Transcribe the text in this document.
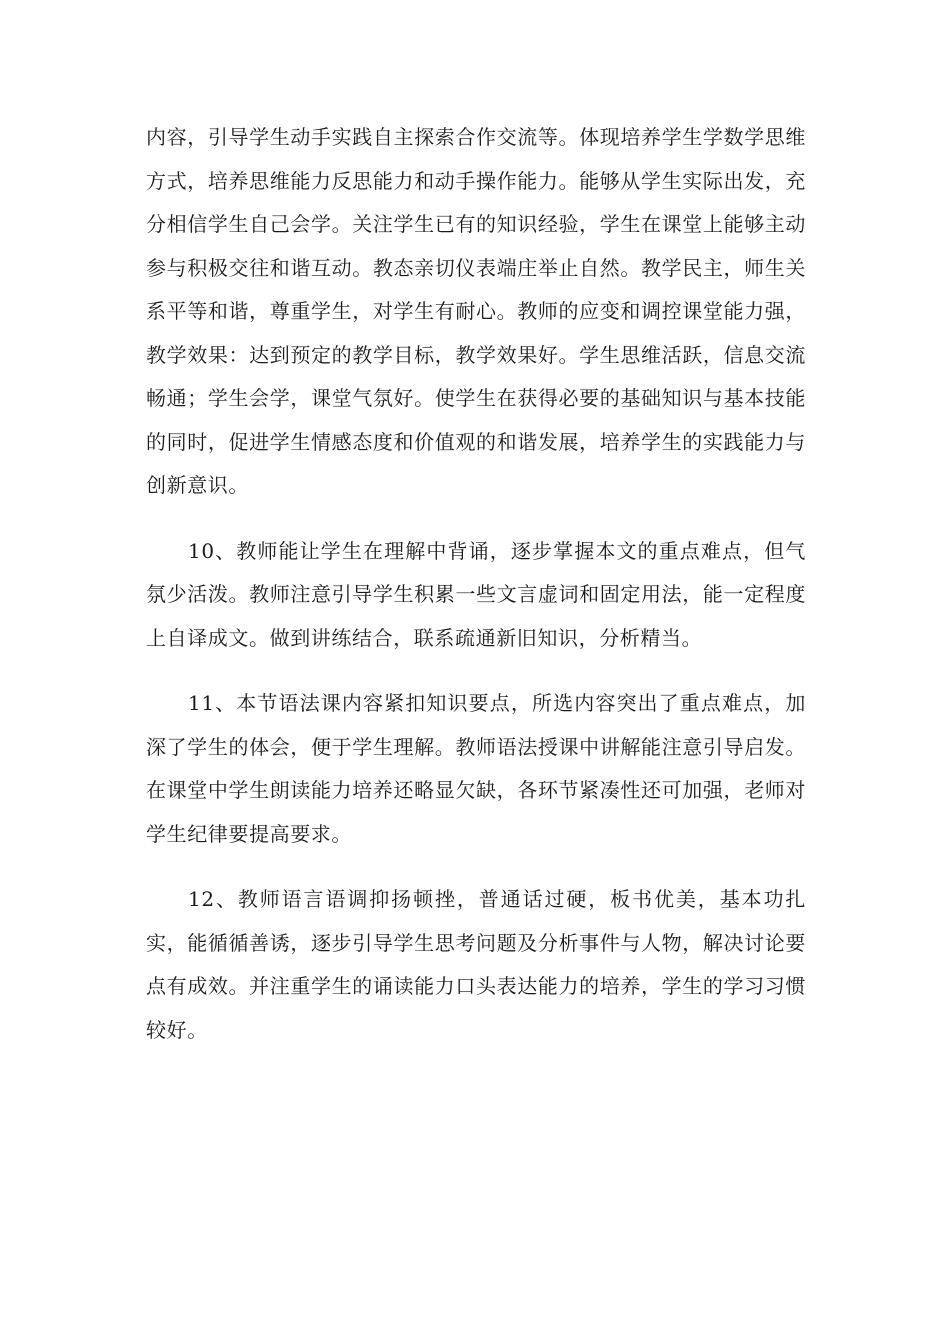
内容，引导学生动手实践自主探索合作交流等。体现培养学生学数学思维方式，培养思维能力反思能力和动手操作能力。能够从学生实际出发，充分相信学生自己会学。关注学生已有的知识经验，学生在课堂上能够主动参与积极交往和谐互动。教态亲切仪表端庄举止自然。教学民主，师生关系平等和谐，尊重学生，对学生有耐心。教师的应变和调控课堂能力强，教学效果：达到预定的教学目标，教学效果好。学生思维活跃，信息交流畅通；学生会学，课堂气氛好。使学生在获得必要的基础知识与基本技能的同时，促进学生情感态度和价值观的和谐发展，培养学生的实践能力与创新意识。

10、教师能让学生在理解中背诵，逐步掌握本文的重点难点，但气氛少活泼。教师注意引导学生积累一些文言虚词和固定用法，能一定程度上自译成文。做到讲练结合，联系疏通新旧知识，分析精当。

11、本节语法课内容紧扣知识要点，所选内容突出了重点难点，加深了学生的体会，便于学生理解。教师语法授课中讲解能注意引导启发。在课堂中学生朗读能力培养还略显欠缺，各环节紧凑性还可加强，老师对学生纪律要提高要求。

12、教师语言语调抑扬顿挫，普通话过硬，板书优美，基本功扎实，能循循善诱，逐步引导学生思考问题及分析事件与人物，解决讨论要点有成效。并注重学生的诵读能力口头表达能力的培养，学生的学习习惯较好。
